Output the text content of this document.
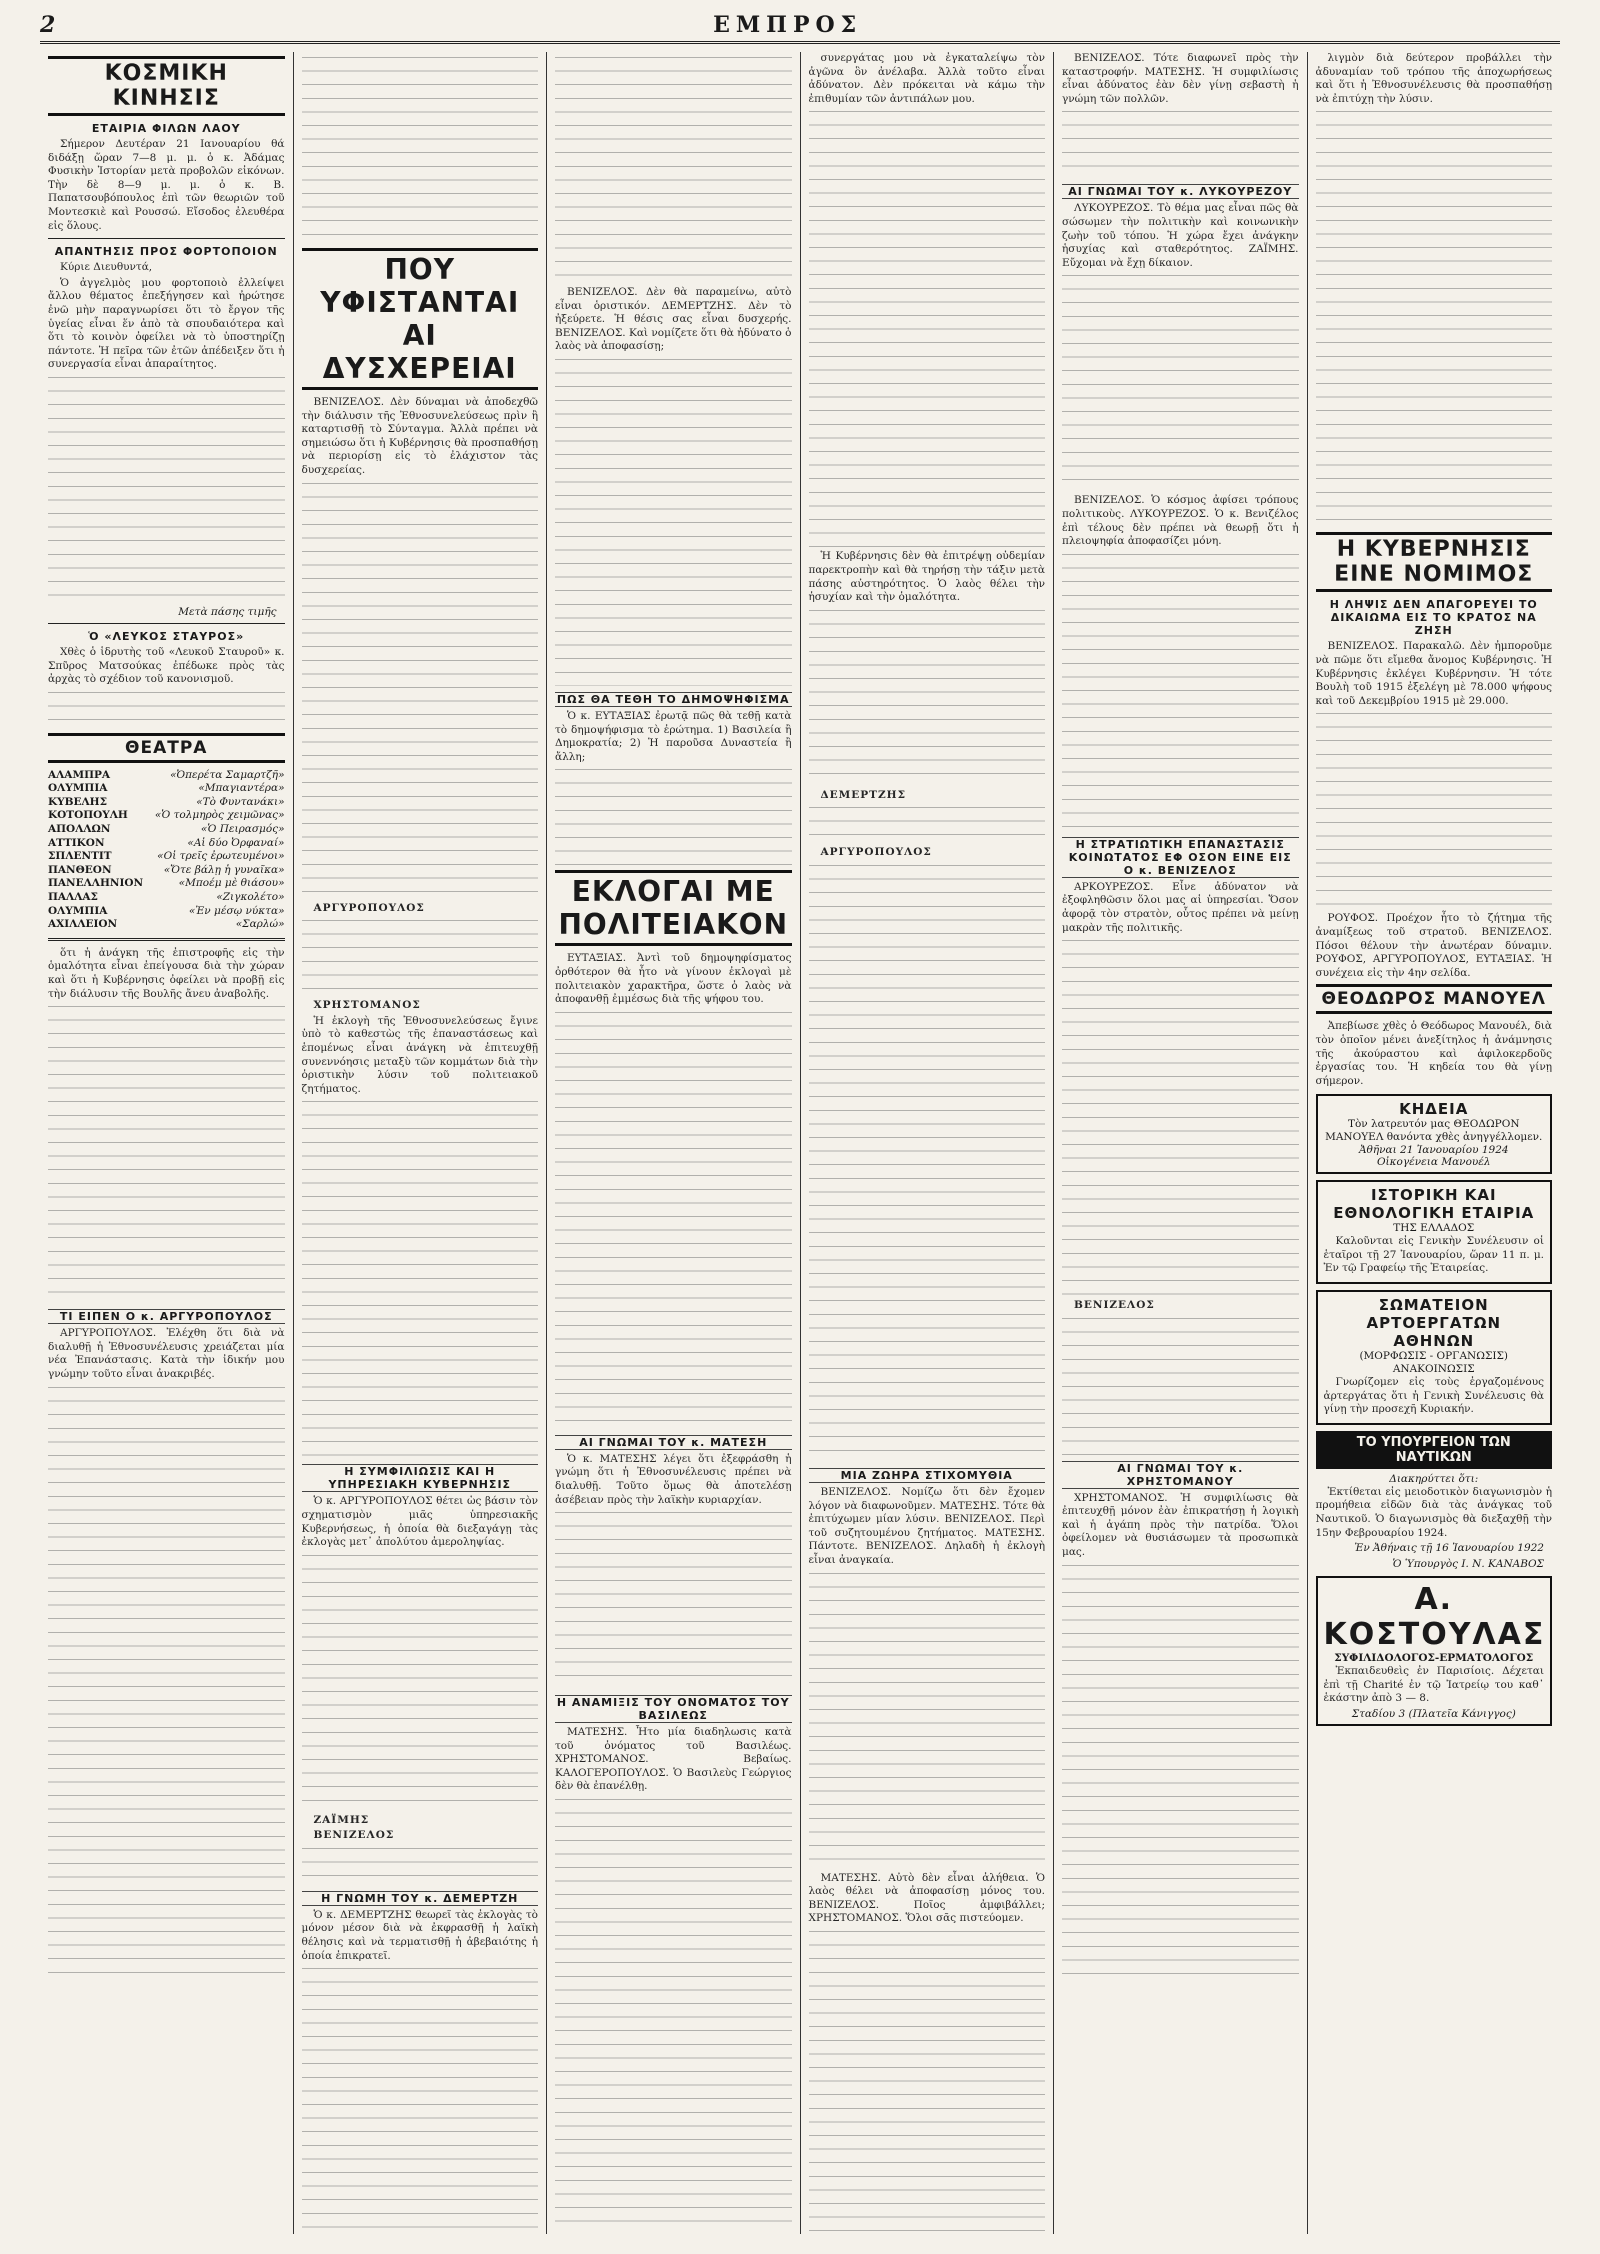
2	ΕΜΠΡΟΣ
ΚΟΣΜΙΚΗ ΚΙΝΗΣΙΣ
ΕΤΑΙΡΙΑ ΦΙΛΩΝ ΛΑΟΥ

Σήμερον Δευτέραν 21 Ιανουαρίου θά διδάξῃ ὥραν 7—8 μ. μ. ὁ κ. Ἀδάμας Φυσικὴν Ἱστορίαν μετὰ προβολῶν εἰκόνων. Τὴν δὲ 8—9 μ. μ. ὁ κ. Β. Παπατσουβόπουλος ἐπὶ τῶν θεωριῶν τοῦ Μοντεσκιὲ καὶ Ρουσσώ. Εἴσοδος ἐλευθέρα εἰς ὅλους.

ΑΠΑΝΤΗΣΙΣ ΠΡΟΣ ΦΟΡΤΟΠΟΙΟΝ

Κύριε Διευθυντά,

Ὁ ἀγγελμὸς μου φορτοποιὸ ἐλλείψει ἄλλου θέματος ἐπεξήγησεν καὶ ἠρώτησε ἐνῶ μὴν παραγνωρίσει ὅτι τὸ ἔργον τῆς ὑγείας εἶναι ἕν ἀπὸ τὰ σπουδαιότερα καὶ ὅτι τὸ κοινὸν ὀφείλει νὰ τὸ ὑποστηρίζῃ πάντοτε. Ἡ πεῖρα τῶν ἐτῶν ἀπέδειξεν ὅτι ἡ συνεργασία εἶναι ἀπαραίτητος.

Μετὰ πάσης τιμῆς
Ὁ «ΛΕΥΚΟΣ ΣΤΑΥΡΟΣ»

Χθὲς ὁ ἱδρυτὴς τοῦ «Λευκοῦ Σταυροῦ» κ. Σπῦρος Ματσούκας ἐπέδωκε πρὸς τὰς ἀρχὰς τὸ σχέδιον τοῦ κανονισμοῦ.

ΘΕΑΤΡΑ
ΑΛΑΜΠΡΑ	«Ὀπερέτα Σαμαρτζῆ»
ΟΛΥΜΠΙΑ	«Μπαγιαντέρα»
ΚΥΒΕΛΗΣ	«Τὸ Φυντανάκι»
ΚΟΤΟΠΟΥΛΗ	«Ὁ τολμηρὸς χειμῶνας»
ΑΠΟΛΛΩΝ	«Ὁ Πειρασμός»
ΑΤΤΙΚΟΝ	«Αἱ δύο Ὀρφαναί»
ΣΠΛΕΝΤΙΤ	«Οἱ τρεῖς ἐρωτευμένοι»
ΠΑΝΘΕΟΝ	«Ὄτε βάλῃ ἡ γυναῖκα»
ΠΑΝΕΛΛΗΝΙΟΝ	«Μποέμ μὲ θιάσου»
ΠΑΛΛΑΣ	«Ζιγκολέτο»
ΟΛΥΜΠΙΑ	«Ἐν μέσῳ νύκτα»
ΑΧΙΛΛΕΙΟΝ	«Σαρλώ»

ὅτι ἡ ἀνάγκη τῆς ἐπιστροφῆς εἰς τὴν ὁμαλότητα εἶναι ἐπείγουσα διὰ τὴν χώραν καὶ ὅτι ἡ Κυβέρνησις ὀφείλει νὰ προβῇ εἰς τὴν διάλυσιν τῆς Βουλῆς ἄνευ ἀναβολῆς.

ΤΙ ΕΙΠΕΝ Ο κ. ΑΡΓΥΡΟΠΟΥΛΟΣ

ΑΡΓΥΡΟΠΟΥΛΟΣ. Ἐλέχθη ὅτι διὰ νὰ διαλυθῇ ἡ Ἐθνοσυνέλευσις χρειάζεται μία νέα Ἐπανάστασις. Κατὰ τὴν ἰδικήν μου γνώμην τοῦτο εἶναι ἀνακριβές.

ΠΟΥ ΥΦΙΣΤΑΝΤΑΙ ΑΙ ΔΥΣΧΕΡΕΙΑΙ

ΒΕΝΙΖΕΛΟΣ. Δὲν δύναμαι νὰ ἀποδεχθῶ τὴν διάλυσιν τῆς Ἐθνοσυνελεύσεως πρὶν ἢ καταρτισθῇ τὸ Σύνταγμα. Ἀλλὰ πρέπει νὰ σημειώσω ὅτι ἡ Κυβέρνησις θὰ προσπαθήσῃ νὰ περιορίσῃ εἰς τὸ ἐλάχιστον τὰς δυσχερείας.

ΑΡΓΥΡΟΠΟΥΛΟΣ

ΧΡΗΣΤΟΜΑΝΟΣ

Ἡ ἐκλογὴ τῆς Ἐθνοσυνελεύσεως ἔγινε ὑπὸ τὸ καθεστὼς τῆς ἐπαναστάσεως καὶ ἑπομένως εἶναι ἀνάγκη νὰ ἐπιτευχθῇ συνεννόησις μεταξὺ τῶν κομμάτων διὰ τὴν ὁριστικὴν λύσιν τοῦ πολιτειακοῦ ζητήματος.

Η ΣΥΜΦΙΛΙΩΣΙΣ ΚΑΙ Η ΥΠΗΡΕΣΙΑΚΗ ΚΥΒΕΡΝΗΣΙΣ

Ὁ κ. ΑΡΓΥΡΟΠΟΥΛΟΣ θέτει ὡς βάσιν τὸν σχηματισμὸν μιᾶς ὑπηρεσιακῆς Κυβερνήσεως, ἡ ὁποία θὰ διεξαγάγῃ τὰς ἐκλογὰς μετ᾽ ἀπολύτου ἀμεροληψίας.

ΖΑΪΜΗΣ

ΒΕΝΙΖΕΛΟΣ

Η ΓΝΩΜΗ ΤΟΥ κ. ΔΕΜΕΡΤΖΗ

Ὁ κ. ΔΕΜΕΡΤΖΗΣ θεωρεῖ τὰς ἐκλογὰς τὸ μόνον μέσον διὰ νὰ ἐκφρασθῇ ἡ λαϊκὴ θέλησις καὶ νὰ τερματισθῇ ἡ ἀβεβαιότης ἡ ὁποία ἐπικρατεῖ.

ΒΕΝΙΖΕΛΟΣ. Δὲν θὰ παραμείνω, αὐτὸ εἶναι ὁριστικόν. ΔΕΜΕΡΤΖΗΣ. Δὲν τὸ ἠξεύρετε. Ἡ θέσις σας εἶναι δυσχερής. ΒΕΝΙΖΕΛΟΣ. Καὶ νομίζετε ὅτι θὰ ἠδύνατο ὁ λαὸς νὰ ἀποφασίσῃ;

ΠΩΣ ΘΑ ΤΕΘΗ ΤΟ ΔΗΜΟΨΗΦΙΣΜΑ

Ὁ κ. ΕΥΤΑΞΙΑΣ ἐρωτᾷ πῶς θὰ τεθῇ κατὰ τὸ δημοψήφισμα τὸ ἐρώτημα. 1) Βασιλεία ἢ Δημοκρατία; 2) Ἡ παροῦσα Δυναστεία ἢ ἄλλη;

ΕΚΛΟΓΑΙ ΜΕ ΠΟΛΙΤΕΙΑΚΟΝ

ΕΥΤΑΞΙΑΣ. Ἀντὶ τοῦ δημοψηφίσματος ὀρθότερον θὰ ἦτο νὰ γίνουν ἐκλογαὶ μὲ πολιτειακὸν χαρακτῆρα, ὥστε ὁ λαὸς νὰ ἀποφανθῇ ἐμμέσως διὰ τῆς ψήφου του.

ΑΙ ΓΝΩΜΑΙ ΤΟΥ κ. ΜΑΤΕΣΗ

Ὁ κ. ΜΑΤΕΣΗΣ λέγει ὅτι ἐξεφράσθη ἡ γνώμη ὅτι ἡ Ἐθνοσυνέλευσις πρέπει νὰ διαλυθῇ. Τοῦτο ὅμως θὰ ἀποτελέσῃ ἀσέβειαν πρὸς τὴν λαϊκὴν κυριαρχίαν.

Η ΑΝΑΜΙΞΙΣ ΤΟΥ ΟΝΟΜΑΤΟΣ ΤΟΥ ΒΑΣΙΛΕΩΣ

ΜΑΤΕΣΗΣ. Ἦτο μία διαδηλωσις κατὰ τοῦ ὀνόματος τοῦ Βασιλέως. ΧΡΗΣΤΟΜΑΝΟΣ. Βεβαίως. ΚΑΛΟΓΕΡΟΠΟΥΛΟΣ. Ὁ Βασιλεὺς Γεώργιος δὲν θὰ ἐπανέλθῃ.

συνεργάτας μου νὰ ἐγκαταλείψω τὸν ἀγῶνα ὃν ἀνέλαβα. Ἀλλὰ τοῦτο εἶναι ἀδύνατον. Δὲν πρόκειται νὰ κάμω τὴν ἐπιθυμίαν τῶν ἀντιπάλων μου.

Ἡ Κυβέρνησις δὲν θὰ ἐπιτρέψῃ οὐδεμίαν παρεκτροπὴν καὶ θὰ τηρήσῃ τὴν τάξιν μετὰ πάσης αὐστηρότητος. Ὁ λαὸς θέλει τὴν ἡσυχίαν καὶ τὴν ὁμαλότητα.

ΔΕΜΕΡΤΖΗΣ

ΑΡΓΥΡΟΠΟΥΛΟΣ

ΜΙΑ ΖΩΗΡΑ ΣΤΙΧΟΜΥΘΙΑ

ΒΕΝΙΖΕΛΟΣ. Νομίζω ὅτι δὲν ἔχομεν λόγον νὰ διαφωνοῦμεν. ΜΑΤΕΣΗΣ. Τότε θὰ ἐπιτύχωμεν μίαν λύσιν. ΒΕΝΙΖΕΛΟΣ. Περὶ τοῦ συζητουμένου ζητήματος. ΜΑΤΕΣΗΣ. Πάντοτε. ΒΕΝΙΖΕΛΟΣ. Δηλαδὴ ἡ ἐκλογὴ εἶναι ἀναγκαία.

ΜΑΤΕΣΗΣ. Αὐτὸ δὲν εἶναι ἀλήθεια. Ὁ λαὸς θέλει νὰ ἀποφασίσῃ μόνος του. ΒΕΝΙΖΕΛΟΣ. Ποῖος ἀμφιβάλλει; ΧΡΗΣΤΟΜΑΝΟΣ. Ὅλοι σᾶς πιστεύομεν.

ΒΕΝΙΖΕΛΟΣ. Τότε διαφωνεῖ πρὸς τὴν καταστροφήν. ΜΑΤΕΣΗΣ. Ἡ συμφιλίωσις εἶναι ἀδύνατος ἐὰν δὲν γίνῃ σεβαστὴ ἡ γνώμη τῶν πολλῶν.

ΑΙ ΓΝΩΜΑΙ ΤΟΥ κ. ΛΥΚΟΥΡΕΖΟΥ

ΛΥΚΟΥΡΕΖΟΣ. Τὸ θέμα μας εἶναι πῶς θὰ σώσωμεν τὴν πολιτικὴν καὶ κοινωνικὴν ζωὴν τοῦ τόπου. Ἡ χώρα ἔχει ἀνάγκην ἡσυχίας καὶ σταθερότητος. ΖΑΪΜΗΣ. Εὔχομαι νὰ ἔχῃ δίκαιον.

ΒΕΝΙΖΕΛΟΣ. Ὁ κόσμος ἀφίσει τρόπους πολιτικοὺς. ΛΥΚΟΥΡΕΖΟΣ. Ὁ κ. Βενιζέλος ἐπὶ τέλους δὲν πρέπει νὰ θεωρῇ ὅτι ἡ πλειοψηφία ἀποφασίζει μόνη.

Η ΣΤΡΑΤΙΩΤΙΚΗ ΕΠΑΝΑΣΤΑΣΙΣ ΚΟΙΝΩΤΑΤΟΣ ΕΦ ΟΣΟΝ ΕΙΝΕ ΕΙΣ Ο κ. ΒΕΝΙΖΕΛΟΣ

ΑΡΚΟΥΡΕΖΟΣ. Εἶνε ἀδύνατον νὰ ἐξοφληθῶσιν ὅλοι μας αἱ ὑπηρεσίαι. Ὅσον ἀφορᾷ τὸν στρατὸν, οὗτος πρέπει νὰ μείνῃ μακρὰν τῆς πολιτικῆς.

ΒΕΝΙΖΕΛΟΣ

ΑΙ ΓΝΩΜΑΙ ΤΟΥ κ. ΧΡΗΣΤΟΜΑΝΟΥ

ΧΡΗΣΤΟΜΑΝΟΣ. Ἡ συμφιλίωσις θὰ ἐπιτευχθῇ μόνον ἐὰν ἐπικρατήσῃ ἡ λογικὴ καὶ ἡ ἀγάπη πρὸς τὴν πατρίδα. Ὅλοι ὀφείλομεν νὰ θυσιάσωμεν τὰ προσωπικὰ μας.

λιγμὸν διὰ δεύτερον προβάλλει τὴν ἀδυναμίαν τοῦ τρόπου τῆς ἀποχωρήσεως καὶ ὅτι ἡ Ἐθνοσυνέλευσις θὰ προσπαθήσῃ νὰ ἐπιτύχῃ τὴν λύσιν.

Η ΚΥΒΕΡΝΗΣΙΣ ΕΙΝΕ ΝΟΜΙΜΟΣ
Η ΛΗΨΙΣ ΔΕΝ ΑΠΑΓΟΡΕΥΕΙ ΤΟ ΔΙΚΑΙΩΜΑ ΕΙΣ ΤΟ ΚΡΑΤΟΣ ΝΑ ΖΗΣΗ

ΒΕΝΙΖΕΛΟΣ. Παρακαλῶ. Δὲν ἠμποροῦμε νὰ πῶμε ὅτι εἴμεθα ἄνομος Κυβέρνησις. Ἡ Κυβέρνησις ἐκλέγει Κυβέρνησιν. Ἡ τότε Βουλὴ τοῦ 1915 ἐξελέγη μὲ 78.000 ψήφους καὶ τοῦ Δεκεμβρίου 1915 μὲ 29.000.

ΡΟΥΦΟΣ. Προέχον ἦτο τὸ ζήτημα τῆς ἀναμίξεως τοῦ στρατοῦ. ΒΕΝΙΖΕΛΟΣ. Πόσοι θέλουν τὴν ἀνωτέραν δύναμιν. ΡΟΥΦΟΣ, ΑΡΓΥΡΟΠΟΥΛΟΣ, ΕΥΤΑΞΙΑΣ. Ἡ συνέχεια εἰς τὴν 4ην σελίδα.

ΘΕΟΔΩΡΟΣ ΜΑΝΟΥΕΛ

Ἀπεβίωσε χθὲς ὁ Θεόδωρος Μανουέλ, διὰ τὸν ὁποῖον μένει ἀνεξίτηλος ἡ ἀνάμνησις τῆς ἀκούραστου καὶ ἀφιλοκερδοῦς ἐργασίας του. Ἡ κηδεία του θὰ γίνῃ σήμερον.

ΚΗΔΕΙΑ
Τὸν λατρευτόν μας ΘΕΟΔΩΡΟΝ ΜΑΝΟΥΕΛ θανόντα χθὲς ἀνηγγέλλομεν.
Ἀθῆναι 21 Ἰανουαρίου 1924
Οἰκογένεια Μανουέλ
ΙΣΤΟΡΙΚΗ ΚΑΙ ΕΘΝΟΛΟΓΙΚΗ ΕΤΑΙΡΙΑ
ΤΗΣ ΕΛΛΑΔΟΣ

Καλοῦνται εἰς Γενικὴν Συνέλευσιν οἱ ἑταῖροι τῇ 27 Ἰανουαρίου, ὥραν 11 π. μ. Ἐν τῷ Γραφείῳ τῆς Ἑταιρείας.

ΣΩΜΑΤΕΙΟΝ ΑΡΤΟΕΡΓΑΤΩΝ ΑΘΗΝΩΝ
(ΜΟΡΦΩΣΙΣ - ΟΡΓΑΝΩΣΙΣ)
ΑΝΑΚΟΙΝΩΣΙΣ

Γνωρίζομεν εἰς τοὺς ἐργαζομένους ἀρτεργάτας ὅτι ἡ Γενικὴ Συνέλευσις θὰ γίνῃ τὴν προσεχῆ Κυριακήν.

ΤΟ ΥΠΟΥΡΓΕΙΟΝ ΤΩΝ ΝΑΥΤΙΚΩΝ
Διακηρύττει ὅτι:

Ἐκτίθεται εἰς μειοδοτικὸν διαγωνισμὸν ἡ προμήθεια εἰδῶν διὰ τὰς ἀνάγκας τοῦ Ναυτικοῦ. Ὁ διαγωνισμὸς θὰ διεξαχθῇ τὴν 15ην Φεβρουαρίου 1924.

Ἐν Ἀθήναις τῇ 16 Ἰανουαρίου 1922
Ὁ Ὑπουργὸς Ι. Ν. ΚΑΝΑΒΟΣ
Α. ΚΟΣΤΟΥΛΑΣ
ΣΥΦΙΛΙΔΟΛΟΓΟΣ-ΕΡΜΑΤΟΛΟΓΟΣ

Ἐκπαιδευθεὶς ἐν Παρισίοις. Δέχεται ἐπὶ τῇ Charité ἐν τῷ Ἰατρείῳ του καθ᾽ ἑκάστην ἀπὸ 3 — 8.

Σταδίου 3 (Πλατεῖα Κάνιγγος)
